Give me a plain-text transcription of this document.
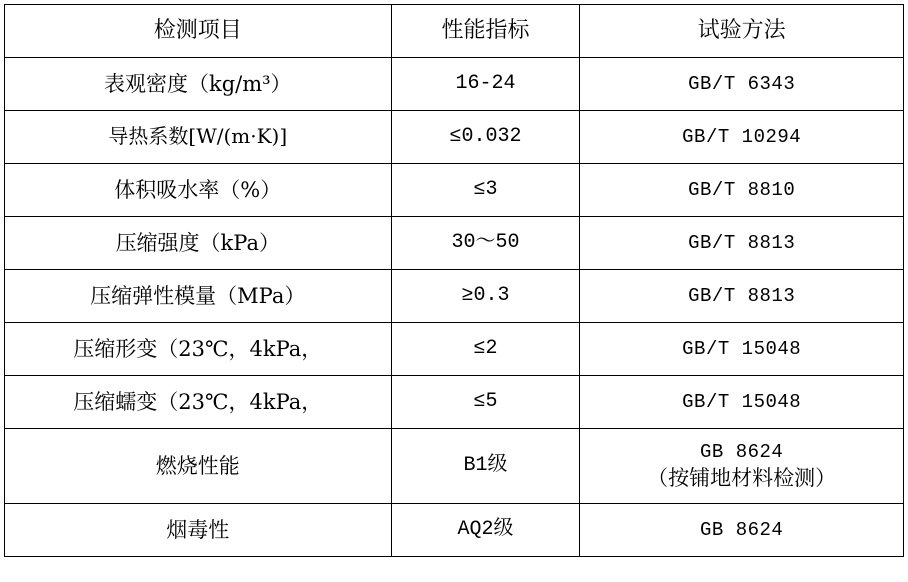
检测项目	性能指标	试验方法
表观密度（kg/m³）	16-24	GB/T 6343
导热系数[W/(m·K)]	≤0.032	GB/T 10294
体积吸水率（%）	≤3	GB/T 8810
压缩强度（kPa）	30～50	GB/T 8813
压缩弹性模量（MPa）	≥0.3	GB/T 8813
压缩形变（23℃，4kPa，	≤2	GB/T 15048
压缩蠕变（23℃，4kPa，	≤5	GB/T 15048
燃烧性能	B1级	GB 8624
（按铺地材料检测）

烟毒性	AQ2级	GB 8624
